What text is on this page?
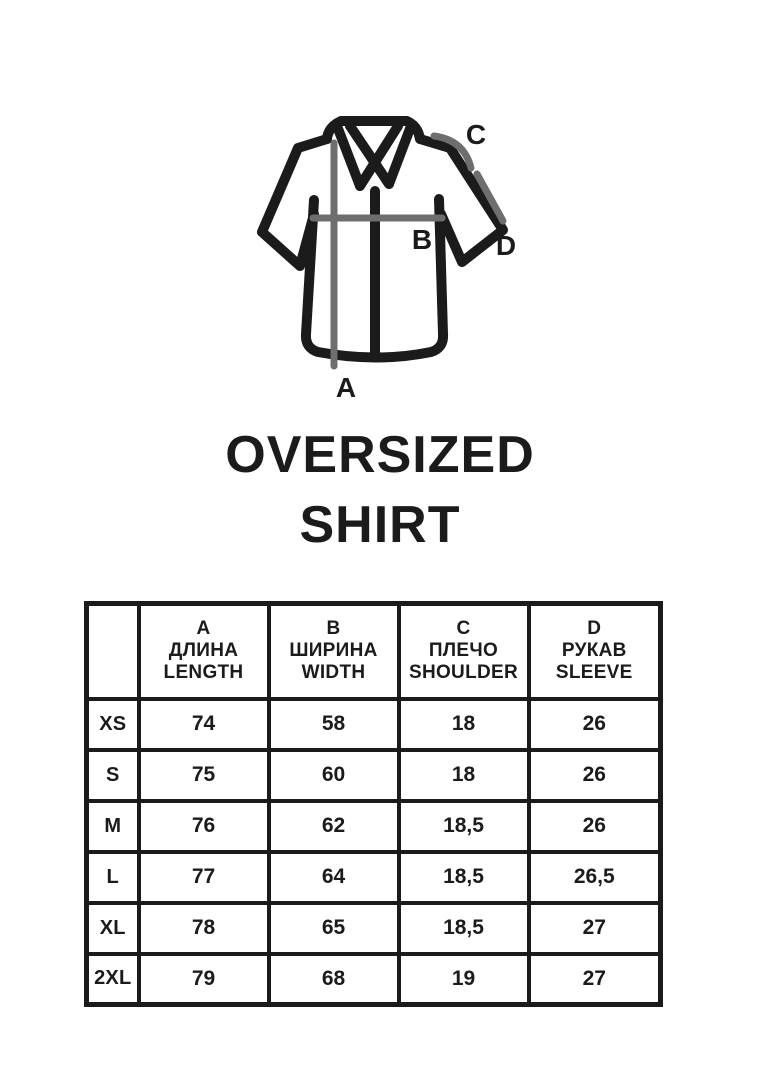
A
B
C
D
OVERSIZED
SHIRT

	A
ДЛИНА
LENGTH	B
ШИРИНА
WIDTH	C
ПЛЕЧО
SHOULDER	D
РУКАВ
SLEEVE

XS	74	58	18	26
S	75	60	18	26
M	76	62	18,5	26
L	77	64	18,5	26,5
XL	78	65	18,5	27
2XL	79	68	19	27
